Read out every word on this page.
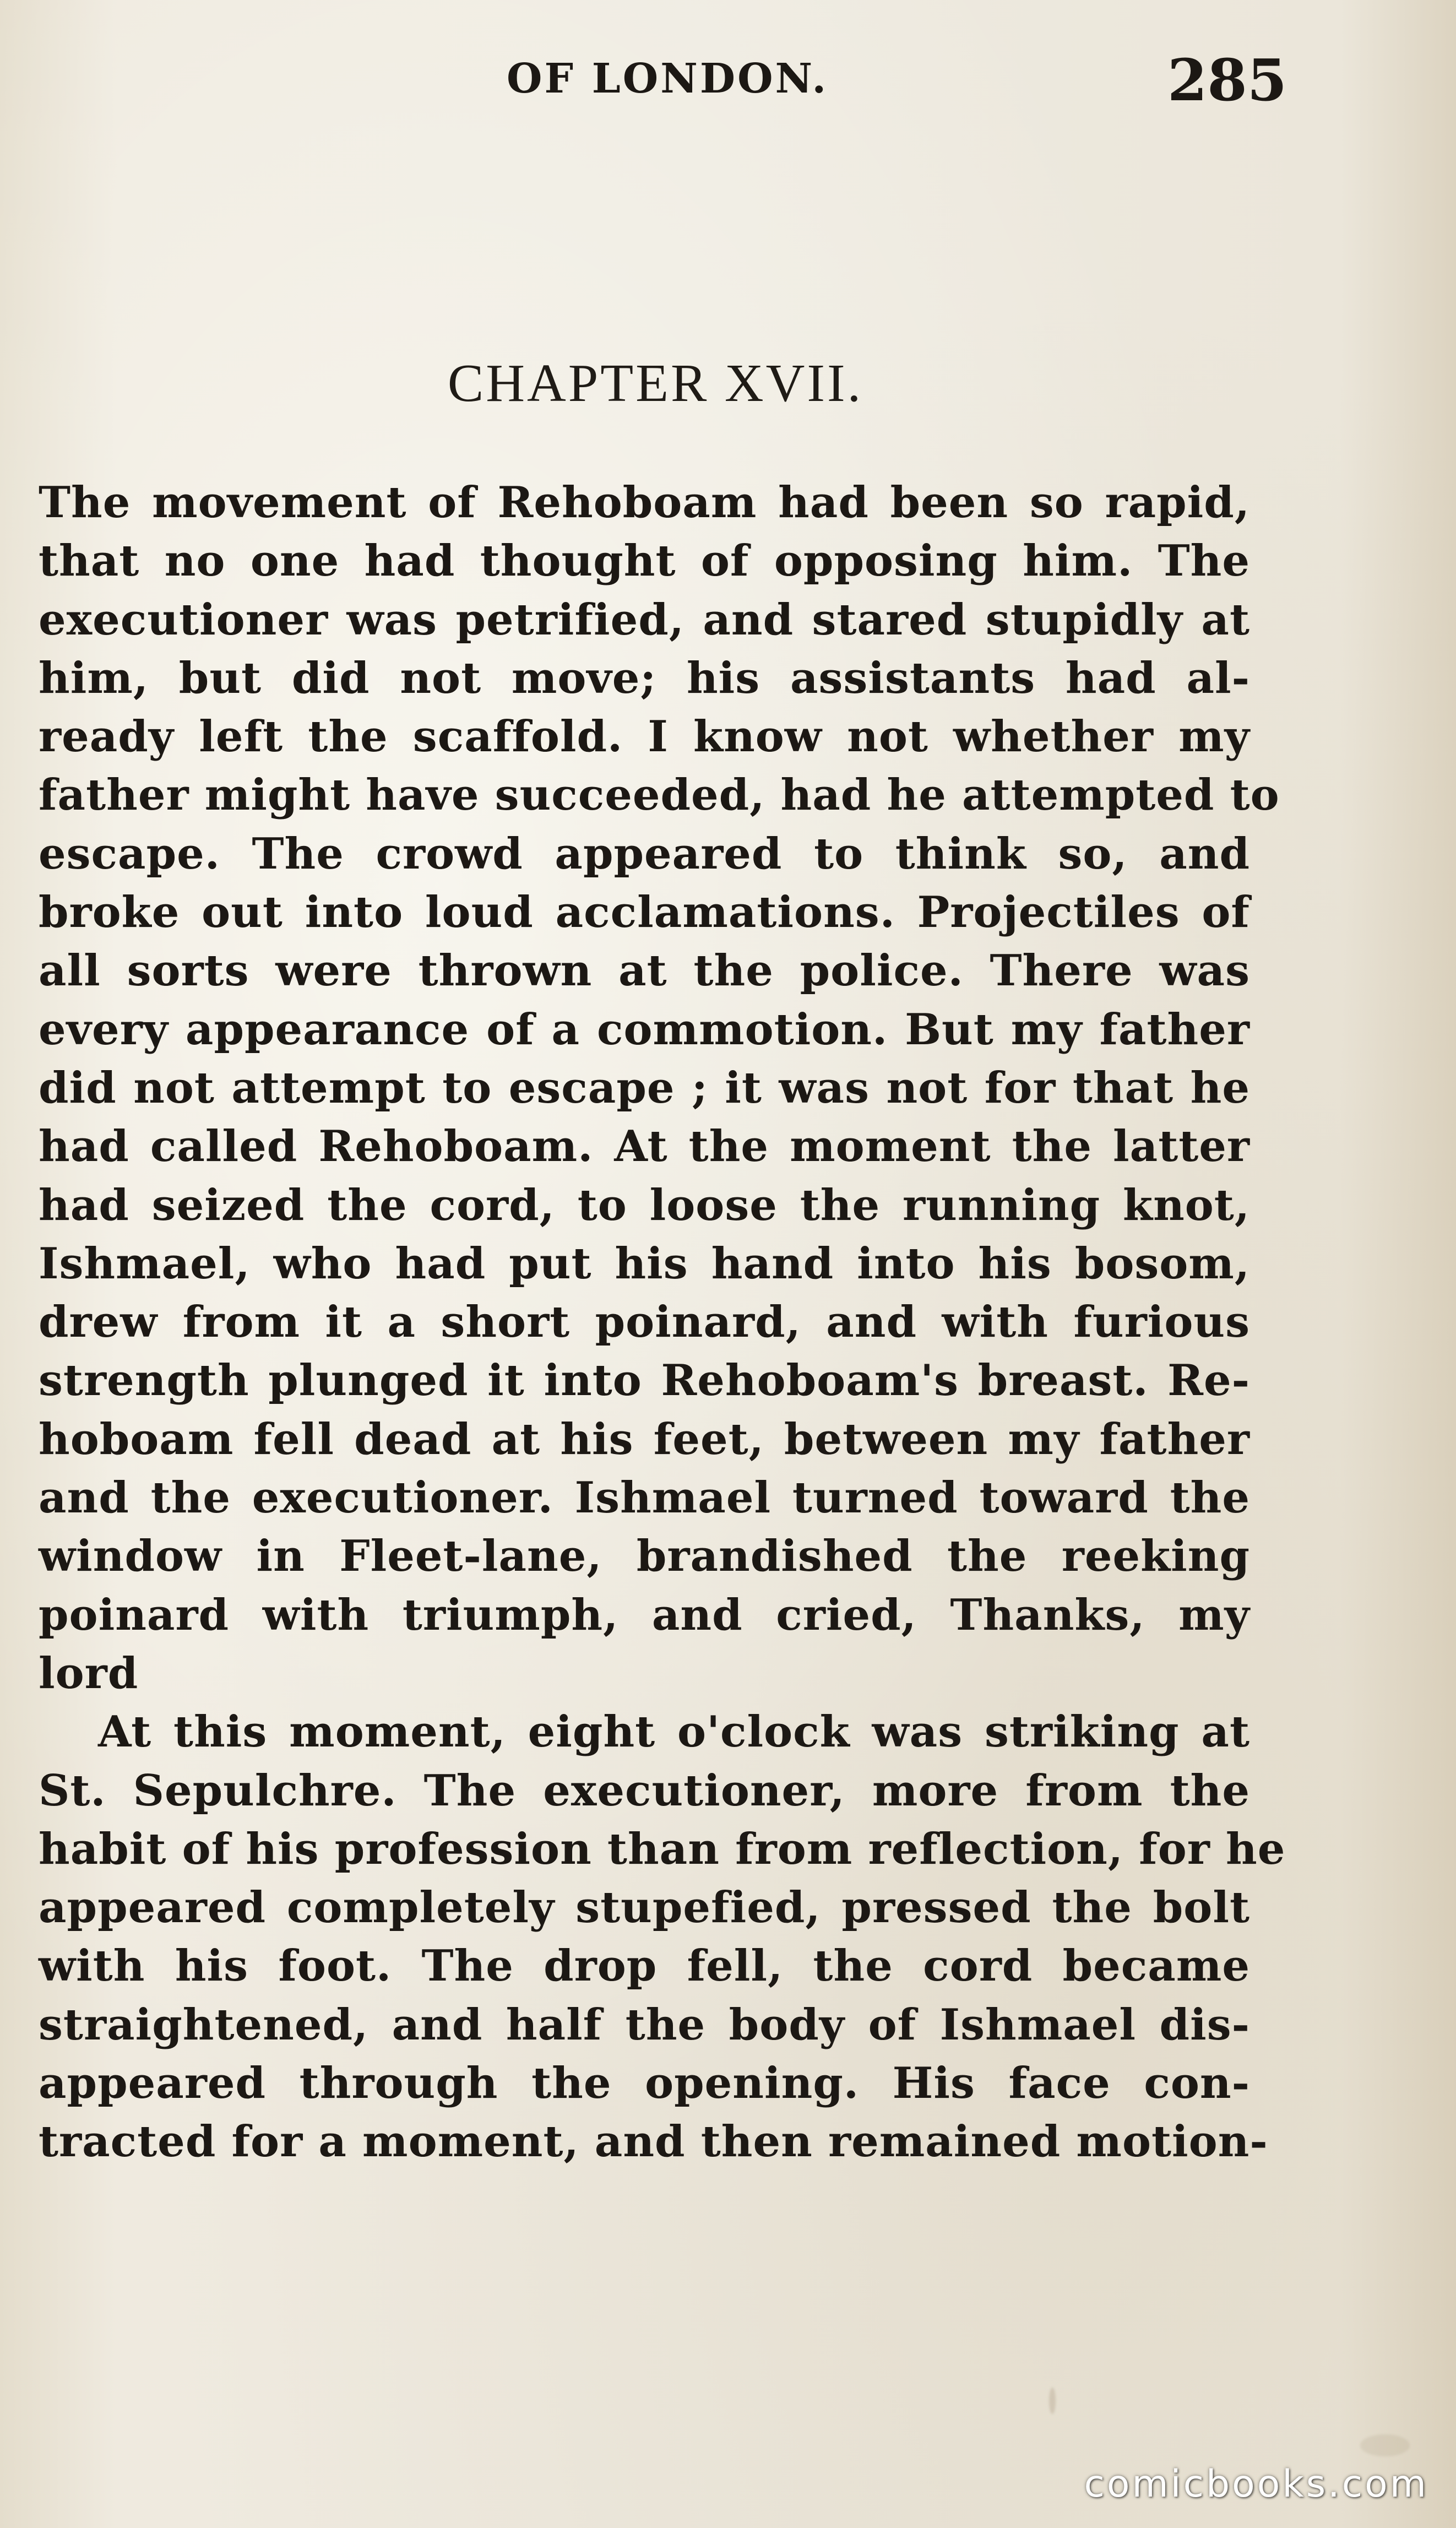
OF LONDON.	285
CHAPTER XVII.
The movement of Rehoboam had been so rapid,
that no one had thought of opposing him. The
executioner was petrified, and stared stupidly at
him, but did not move; his assistants had al-
ready left the scaffold. I know not whether my
father might have succeeded, had he attempted to
escape. The crowd appeared to think so, and
broke out into loud acclamations. Projectiles of
all sorts were thrown at the police. There was
every appearance of a commotion. But my father
did not attempt to escape ; it was not for that he
had called Rehoboam. At the moment the latter
had seized the cord, to loose the running knot,
Ishmael, who had put his hand into his bosom,
drew from it a short poinard, and with furious
strength plunged it into Rehoboam's breast. Re-
hoboam fell dead at his feet, between my father
and the executioner. Ishmael turned toward the
window in Fleet-lane, brandished the reeking
poinard with triumph, and cried, Thanks, my
lord
At this moment, eight o'clock was striking at
St. Sepulchre. The executioner, more from the
habit of his profession than from reflection, for he
appeared completely stupefied, pressed the bolt
with his foot. The drop fell, the cord became
straightened, and half the body of Ishmael dis-
appeared through the opening. His face con-
tracted for a moment, and then remained motion-
comicbooks.com
